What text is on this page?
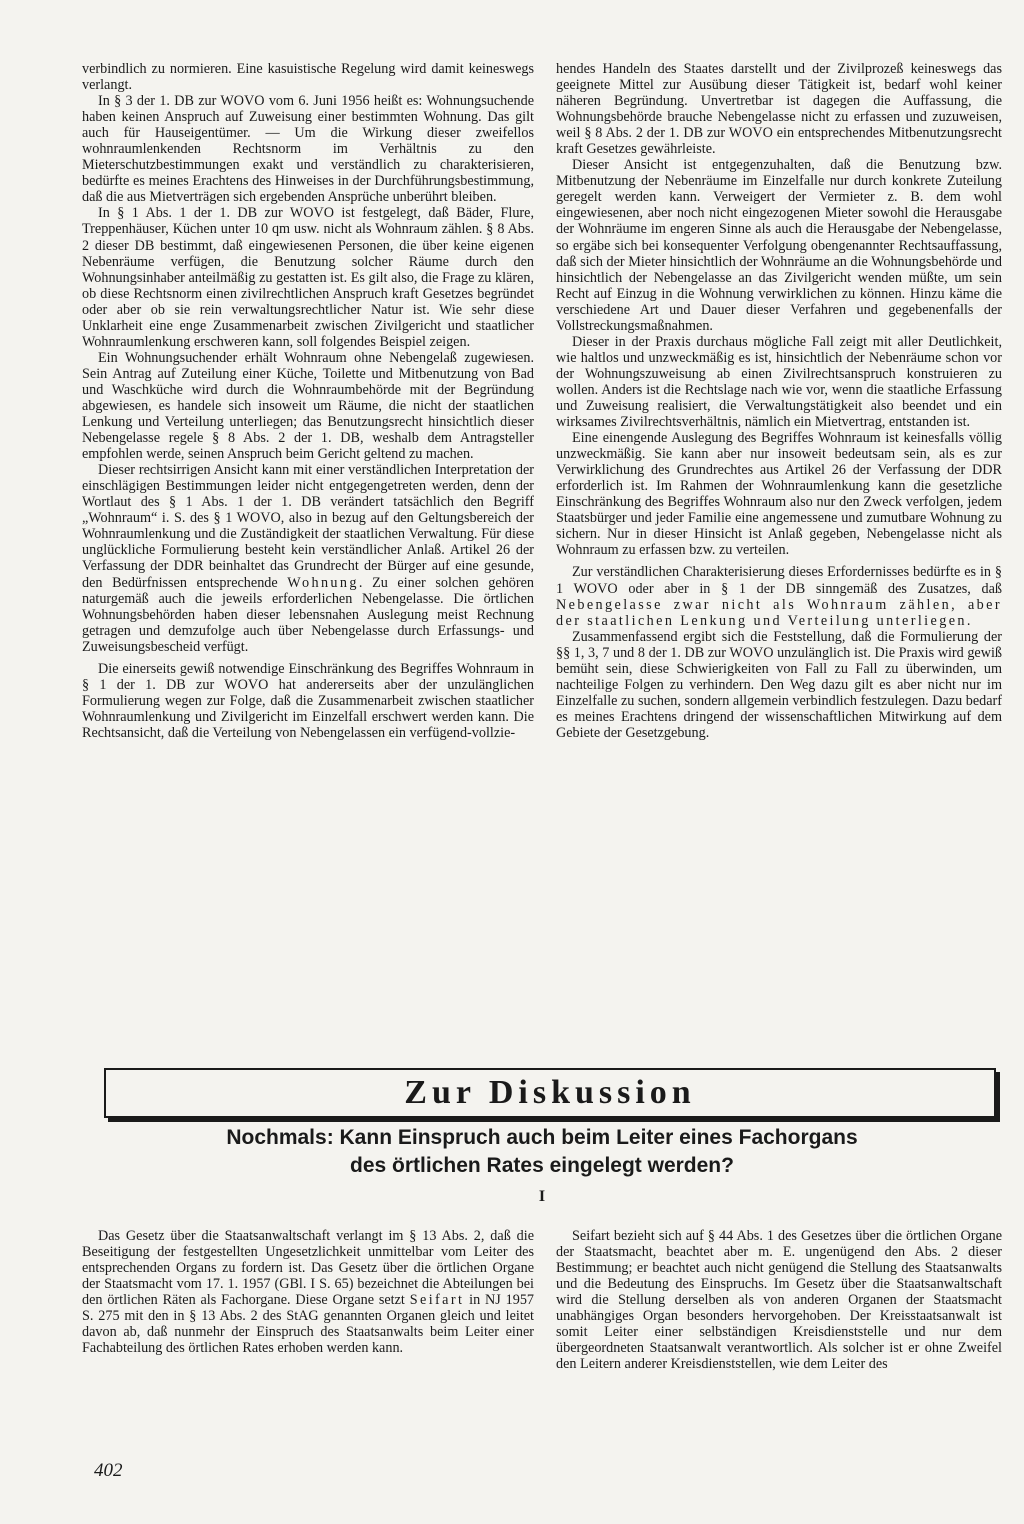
verbindlich zu normieren. Eine kasuistische Regelung wird damit keineswegs verlangt.

In § 3 der 1. DB zur WOVO vom 6. Juni 1956 heißt es: Wohnungsuchende haben keinen Anspruch auf Zuweisung einer bestimmten Wohnung. Das gilt auch für Hauseigentümer. — Um die Wirkung dieser zweifellos wohnraumlenkenden Rechtsnorm im Verhältnis zu den Mieterschutzbestimmungen exakt und verständlich zu charakterisieren, bedürfte es meines Erachtens des Hinweises in der Durchführungsbestimmung, daß die aus Mietverträgen sich ergebenden Ansprüche unberührt bleiben.

In § 1 Abs. 1 der 1. DB zur WOVO ist festgelegt, daß Bäder, Flure, Treppenhäuser, Küchen unter 10 qm usw. nicht als Wohnraum zählen. § 8 Abs. 2 dieser DB bestimmt, daß eingewiesenen Personen, die über keine eigenen Nebenräume verfügen, die Benutzung solcher Räume durch den Wohnungsinhaber anteilmäßig zu gestatten ist. Es gilt also, die Frage zu klären, ob diese Rechtsnorm einen zivilrechtlichen Anspruch kraft Gesetzes begründet oder aber ob sie rein verwaltungsrechtlicher Natur ist. Wie sehr diese Unklarheit eine enge Zusammenarbeit zwischen Zivilgericht und staatlicher Wohnraumlenkung erschweren kann, soll folgendes Beispiel zeigen.

Ein Wohnungsuchender erhält Wohnraum ohne Nebengelaß zugewiesen. Sein Antrag auf Zuteilung einer Küche, Toilette und Mitbenutzung von Bad und Waschküche wird durch die Wohnraumbehörde mit der Begründung abgewiesen, es handele sich insoweit um Räume, die nicht der staatlichen Lenkung und Verteilung unterliegen; das Benutzungsrecht hinsichtlich dieser Nebengelasse regele § 8 Abs. 2 der 1. DB, weshalb dem Antragsteller empfohlen werde, seinen Anspruch beim Gericht geltend zu machen.

Dieser rechtsirrigen Ansicht kann mit einer verständlichen Interpretation der einschlägigen Bestimmungen leider nicht entgegengetreten werden, denn der Wortlaut des § 1 Abs. 1 der 1. DB verändert tatsächlich den Begriff „Wohnraum“ i. S. des § 1 WOVO, also in bezug auf den Geltungsbereich der Wohnraumlenkung und die Zuständigkeit der staatlichen Verwaltung. Für diese unglückliche Formulierung besteht kein verständlicher Anlaß. Artikel 26 der Verfassung der DDR beinhaltet das Grundrecht der Bürger auf eine gesunde, den Bedürfnissen entsprechende Wohnung. Zu einer solchen gehören naturgemäß auch die jeweils erforderlichen Nebengelasse. Die örtlichen Wohnungsbehörden haben dieser lebensnahen Auslegung meist Rechnung getragen und demzufolge auch über Nebengelasse durch Erfassungs- und Zuweisungsbescheid verfügt.

Die einerseits gewiß notwendige Einschränkung des Begriffes Wohnraum in § 1 der 1. DB zur WOVO hat andererseits aber der unzulänglichen Formulierung wegen zur Folge, daß die Zusammenarbeit zwischen staatlicher Wohnraumlenkung und Zivilgericht im Einzelfall erschwert werden kann. Die Rechtsansicht, daß die Verteilung von Nebengelassen ein verfügend-vollzie-

hendes Handeln des Staates darstellt und der Zivilprozeß keineswegs das geeignete Mittel zur Ausübung dieser Tätigkeit ist, bedarf wohl keiner näheren Begründung. Unvertretbar ist dagegen die Auffassung, die Wohnungsbehörde brauche Nebengelasse nicht zu erfassen und zuzuweisen, weil § 8 Abs. 2 der 1. DB zur WOVO ein entsprechendes Mitbenutzungsrecht kraft Gesetzes gewährleiste.

Dieser Ansicht ist entgegenzuhalten, daß die Benutzung bzw. Mitbenutzung der Nebenräume im Einzelfalle nur durch konkrete Zuteilung geregelt werden kann. Verweigert der Vermieter z. B. dem wohl eingewiesenen, aber noch nicht eingezogenen Mieter sowohl die Herausgabe der Wohnräume im engeren Sinne als auch die Herausgabe der Nebengelasse, so ergäbe sich bei konsequenter Verfolgung obengenannter Rechtsauffassung, daß sich der Mieter hinsichtlich der Wohnräume an die Wohnungsbehörde und hinsichtlich der Nebengelasse an das Zivilgericht wenden müßte, um sein Recht auf Einzug in die Wohnung verwirklichen zu können. Hinzu käme die verschiedene Art und Dauer dieser Verfahren und gegebenenfalls der Vollstreckungsmaßnahmen.

Dieser in der Praxis durchaus mögliche Fall zeigt mit aller Deutlichkeit, wie haltlos und unzweckmäßig es ist, hinsichtlich der Nebenräume schon vor der Wohnungszuweisung ab einen Zivilrechtsanspruch konstruieren zu wollen. Anders ist die Rechtslage nach wie vor, wenn die staatliche Erfassung und Zuweisung realisiert, die Verwaltungstätigkeit also beendet und ein wirksames Zivilrechtsverhältnis, nämlich ein Mietvertrag, entstanden ist.

Eine einengende Auslegung des Begriffes Wohnraum ist keinesfalls völlig unzweckmäßig. Sie kann aber nur insoweit bedeutsam sein, als es zur Verwirklichung des Grundrechtes aus Artikel 26 der Verfassung der DDR erforderlich ist. Im Rahmen der Wohnraumlenkung kann die gesetzliche Einschränkung des Begriffes Wohnraum also nur den Zweck verfolgen, jedem Staatsbürger und jeder Familie eine angemessene und zumutbare Wohnung zu sichern. Nur in dieser Hinsicht ist Anlaß gegeben, Nebengelasse nicht als Wohnraum zu erfassen bzw. zu verteilen.

Zur verständlichen Charakterisierung dieses Erfordernisses bedürfte es in § 1 WOVO oder aber in § 1 der DB sinngemäß des Zusatzes, daß Nebengelasse zwar nicht als Wohnraum zählen, aber der staatlichen Lenkung und Verteilung unterliegen.

Zusammenfassend ergibt sich die Feststellung, daß die Formulierung der §§ 1, 3, 7 und 8 der 1. DB zur WOVO unzulänglich ist. Die Praxis wird gewiß bemüht sein, diese Schwierigkeiten von Fall zu Fall zu überwinden, um nachteilige Folgen zu verhindern. Den Weg dazu gilt es aber nicht nur im Einzelfalle zu suchen, sondern allgemein verbindlich festzulegen. Dazu bedarf es meines Erachtens dringend der wissenschaftlichen Mitwirkung auf dem Gebiete der Gesetzgebung.

Zur Diskussion
Nochmals: Kann Einspruch auch beim Leiter eines Fachorgans
des örtlichen Rates eingelegt werden?
I

Das Gesetz über die Staatsanwaltschaft verlangt im § 13 Abs. 2, daß die Beseitigung der festgestellten Ungesetzlichkeit unmittelbar vom Leiter des entsprechenden Organs zu fordern ist. Das Gesetz über die örtlichen Organe der Staatsmacht vom 17. 1. 1957 (GBl. I S. 65) bezeichnet die Abteilungen bei den örtlichen Räten als Fachorgane. Diese Organe setzt Seifart in NJ 1957 S. 275 mit den in § 13 Abs. 2 des StAG genannten Organen gleich und leitet davon ab, daß nunmehr der Einspruch des Staatsanwalts beim Leiter einer Fachabteilung des örtlichen Rates erhoben werden kann.

Seifart bezieht sich auf § 44 Abs. 1 des Gesetzes über die örtlichen Organe der Staatsmacht, beachtet aber m. E. ungenügend den Abs. 2 dieser Bestimmung; er beachtet auch nicht genügend die Stellung des Staatsanwalts und die Bedeutung des Einspruchs. Im Gesetz über die Staatsanwaltschaft wird die Stellung derselben als von anderen Organen der Staatsmacht unabhängiges Organ besonders hervorgehoben. Der Kreisstaatsanwalt ist somit Leiter einer selbständigen Kreisdienststelle und nur dem übergeordneten Staatsanwalt verantwortlich. Als solcher ist er ohne Zweifel den Leitern anderer Kreisdienststellen, wie dem Leiter des

402
